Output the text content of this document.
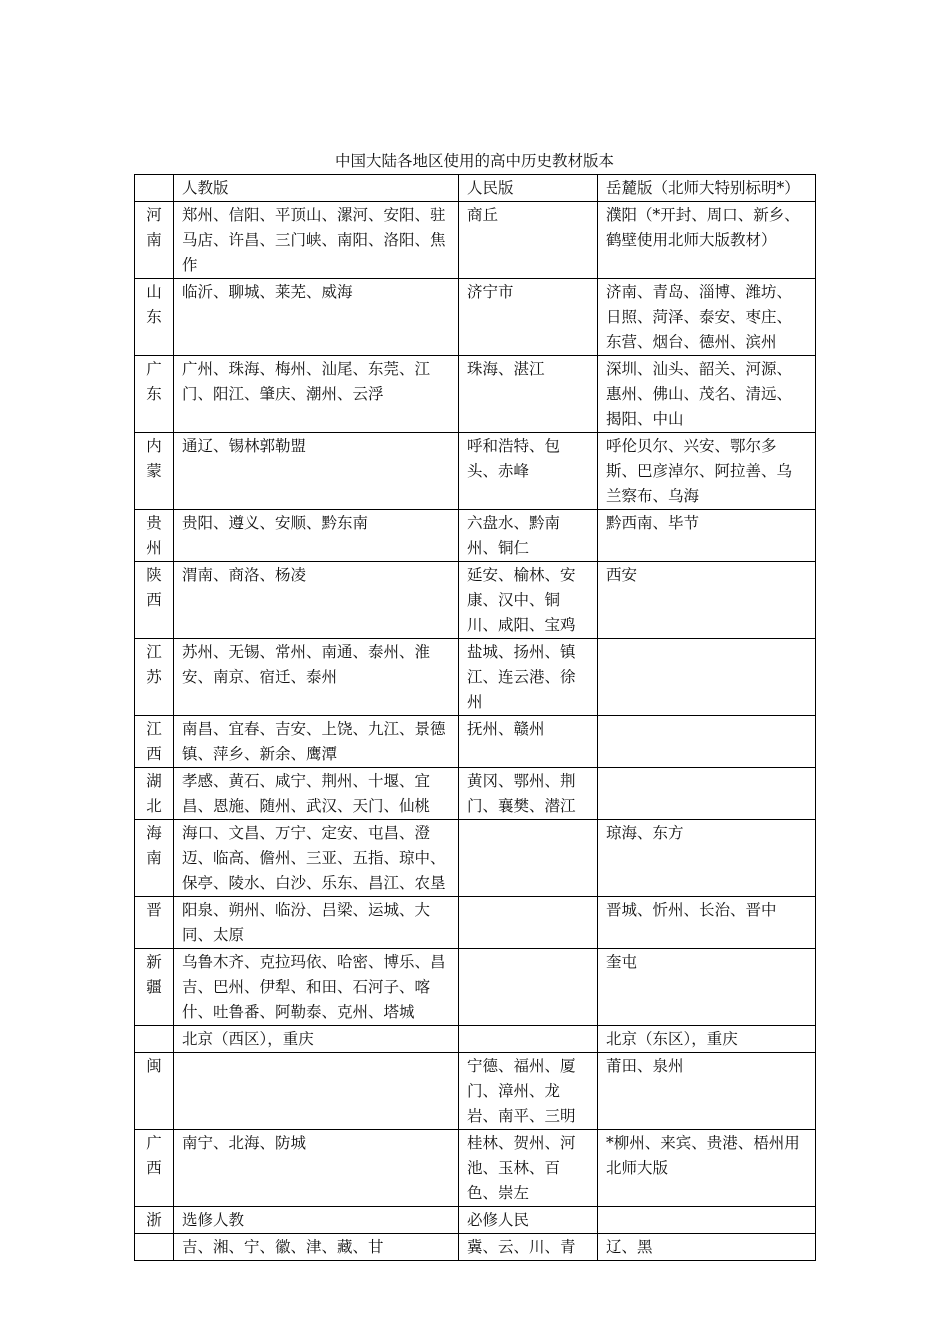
中国大陆各地区使用的高中历史教材版本
	人教版	人民版	岳麓版（北师大特别标明*）
河南	郑州、信阳、平顶山、漯河、安阳、驻马店、许昌、三门峡、南阳、洛阳、焦作	商丘	濮阳（*开封、周口、新乡、鹤壁使用北师大版教材）
山东	临沂、聊城、莱芜、威海	济宁市	济南、青岛、淄博、潍坊、日照、菏泽、泰安、枣庄、东营、烟台、德州、滨州
广东	广州、珠海、梅州、汕尾、东莞、江门、阳江、肇庆、潮州、云浮	珠海、湛江	深圳、汕头、韶关、河源、惠州、佛山、茂名、清远、揭阳、中山
内蒙	通辽、锡林郭勒盟	呼和浩特、包头、赤峰	呼伦贝尔、兴安、鄂尔多斯、巴彦淖尔、阿拉善、乌兰察布、乌海
贵州	贵阳、遵义、安顺、黔东南	六盘水、黔南州、铜仁	黔西南、毕节
陕西	渭南、商洛、杨凌	延安、榆林、安康、汉中、铜川、咸阳、宝鸡	西安
江苏	苏州、无锡、常州、南通、泰州、淮安、南京、宿迁、泰州	盐城、扬州、镇江、连云港、徐州	
江西	南昌、宜春、吉安、上饶、九江、景德镇、萍乡、新余、鹰潭	抚州、赣州	
湖北	孝感、黄石、咸宁、荆州、十堰、宜昌、恩施、随州、武汉、天门、仙桃	黄冈、鄂州、荆门、襄樊、潜江	
海南	海口、文昌、万宁、定安、屯昌、澄迈、临高、儋州、三亚、五指、琼中、保亭、陵水、白沙、乐东、昌江、农垦		琼海、东方
晋	阳泉、朔州、临汾、吕梁、运城、大同、太原		晋城、忻州、长治、晋中
新疆	乌鲁木齐、克拉玛依、哈密、博乐、昌吉、巴州、伊犁、和田、石河子、喀什、吐鲁番、阿勒泰、克州、塔城		奎屯
	北京（西区），重庆		北京（东区），重庆
闽		宁德、福州、厦门、漳州、龙岩、南平、三明	莆田、泉州
广西	南宁、北海、防城	桂林、贺州、河池、玉林、百色、崇左	*柳州、来宾、贵港、梧州用北师大版
浙	选修人教	必修人民	
	吉、湘、宁、徽、津、藏、甘	冀、云、川、青	辽、黑
